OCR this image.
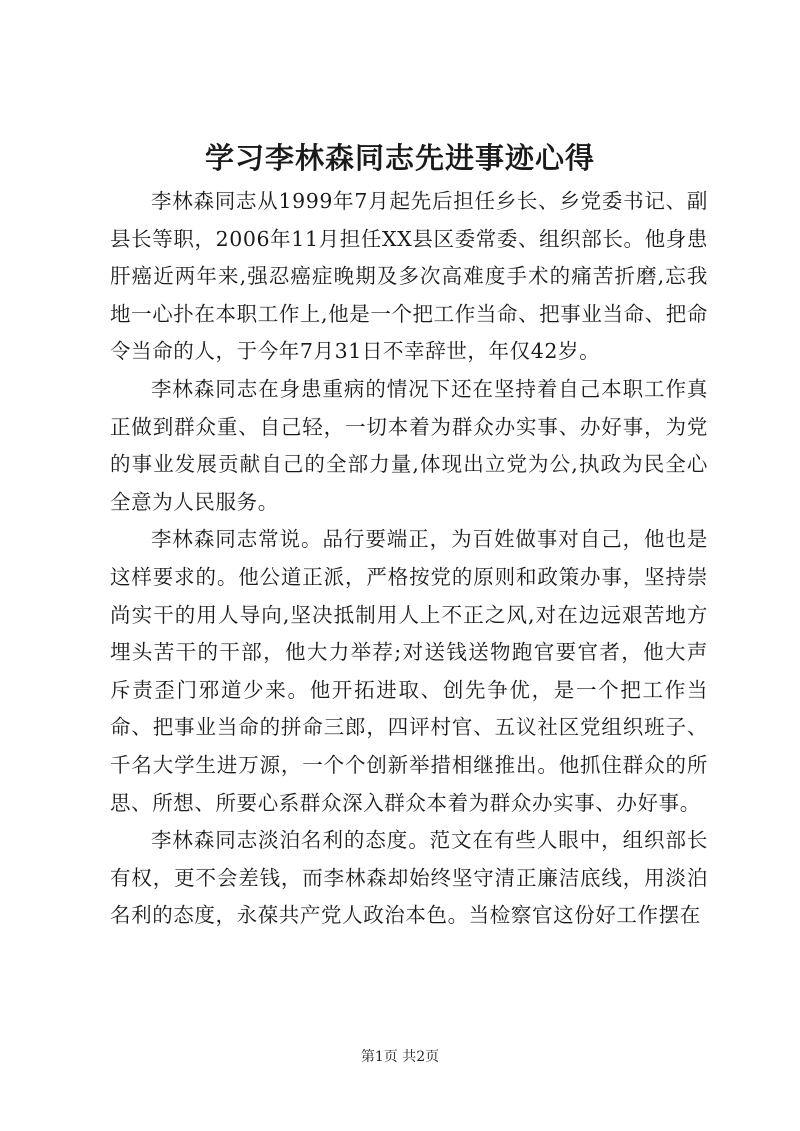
学习李林森同志先进事迹心得

李林森同志从1999年7月起先后担任乡长、乡党委书记、副县长等职，2006年11月担任XX县区委常委、组织部长。他身患肝癌近两年来,强忍癌症晚期及多次高难度手术的痛苦折磨,忘我地一心扑在本职工作上,他是一个把工作当命、把事业当命、把命令当命的人，于今年7月31日不幸辞世，年仅42岁。

李林森同志在身患重病的情况下还在坚持着自己本职工作真正做到群众重、自己轻，一切本着为群众办实事、办好事，为党的事业发展贡献自己的全部力量,体现出立党为公,执政为民全心全意为人民服务。

李林森同志常说。品行要端正，为百姓做事对自己，他也是这样要求的。他公道正派，严格按党的原则和政策办事，坚持崇尚实干的用人导向,坚决抵制用人上不正之风,对在边远艰苦地方埋头苦干的干部，他大力举荐;对送钱送物跑官要官者，他大声斥责歪门邪道少来。他开拓进取、创先争优，是一个把工作当命、把事业当命的拼命三郎，四评村官、五议社区党组织班子、千名大学生进万源，一个个创新举措相继推出。他抓住群众的所思、所想、所要心系群众深入群众本着为群众办实事、办好事。

李林森同志淡泊名利的态度。范文在有些人眼中，组织部长有权，更不会差钱，而李林森却始终坚守清正廉洁底线，用淡泊名利的态度，永葆共产党人政治本色。当检察官这份好工作摆在

第1页 共2页
